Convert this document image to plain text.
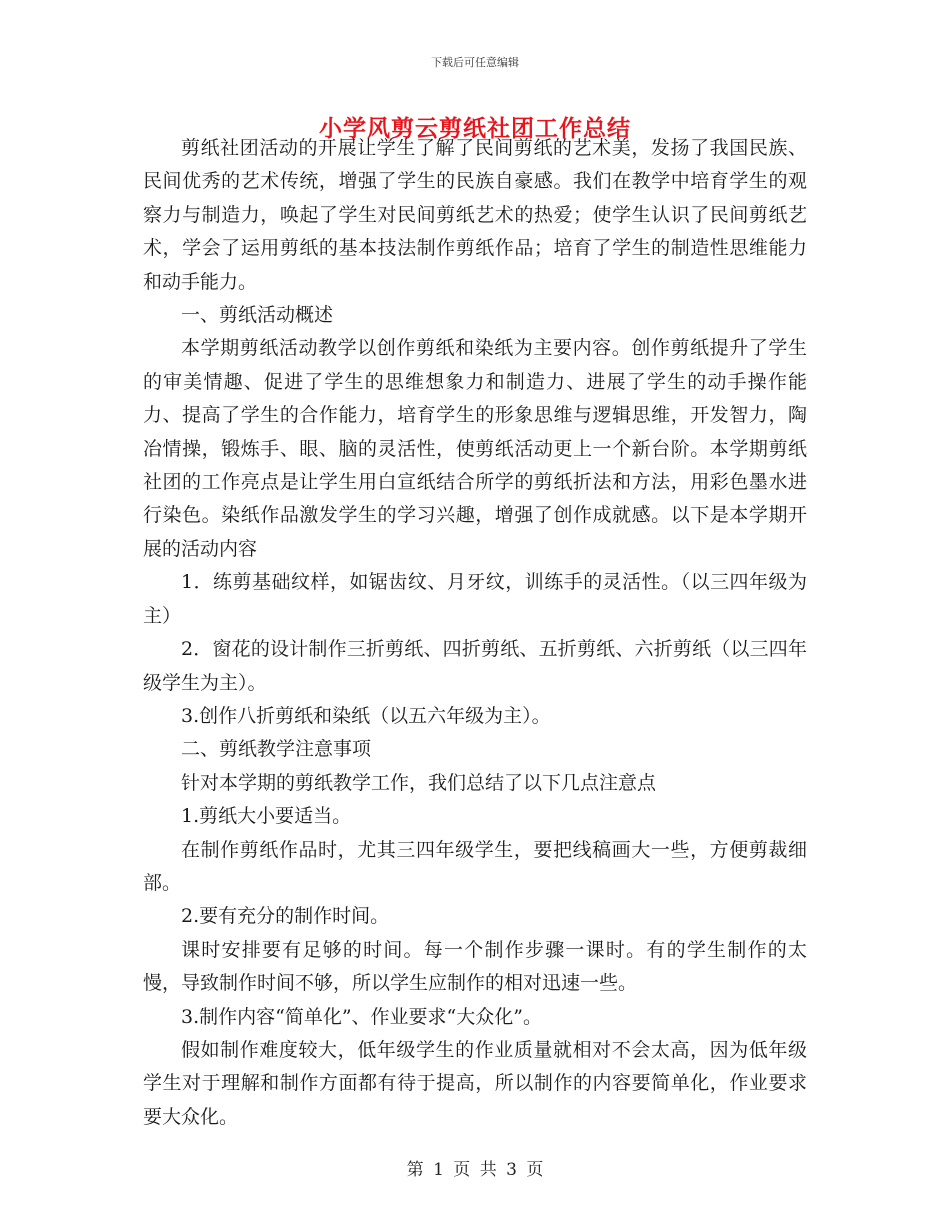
下载后可任意编辑
小学风剪云剪纸社团工作总结

剪纸社团活动的开展让学生了解了民间剪纸的艺术美，发扬了我国民族、民间优秀的艺术传统，增强了学生的民族自豪感。我们在教学中培育学生的观察力与制造力，唤起了学生对民间剪纸艺术的热爱；使学生认识了民间剪纸艺术，学会了运用剪纸的基本技法制作剪纸作品；培育了学生的制造性思维能力和动手能力。

一、剪纸活动概述

本学期剪纸活动教学以创作剪纸和染纸为主要内容。创作剪纸提升了学生的审美情趣、促进了学生的思维想象力和制造力、进展了学生的动手操作能力、提高了学生的合作能力，培育学生的形象思维与逻辑思维，开发智力，陶冶情操，锻炼手、眼、脑的灵活性，使剪纸活动更上一个新台阶。本学期剪纸社团的工作亮点是让学生用白宣纸结合所学的剪纸折法和方法，用彩色墨水进行染色。染纸作品激发学生的学习兴趣，增强了创作成就感。以下是本学期开展的活动内容

1．练剪基础纹样，如锯齿纹、月牙纹，训练手的灵活性。（以三四年级为主）

2．窗花的设计制作三折剪纸、四折剪纸、五折剪纸、六折剪纸（以三四年级学生为主）。

3.创作八折剪纸和染纸（以五六年级为主）。

二、剪纸教学注意事项

针对本学期的剪纸教学工作，我们总结了以下几点注意点

1.剪纸大小要适当。

在制作剪纸作品时，尤其三四年级学生，要把线稿画大一些，方便剪裁细部。

2.要有充分的制作时间。

课时安排要有足够的时间。每一个制作步骤一课时。有的学生制作的太慢，导致制作时间不够，所以学生应制作的相对迅速一些。

3.制作内容“简单化”、作业要求“大众化”。

假如制作难度较大，低年级学生的作业质量就相对不会太高，因为低年级学生对于理解和制作方面都有待于提高，所以制作的内容要简单化，作业要求要大众化。

第 1 页 共 3 页
